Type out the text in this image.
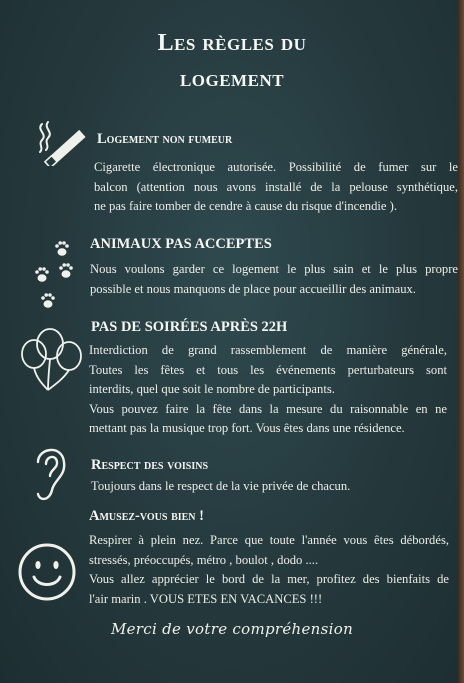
Les règles du
logement
Logement non fumeur
Cigarette électronique autorisée. Possibilité de fumer sur le
balcon (attention nous avons installé de la pelouse synthétique,
ne pas faire tomber de cendre à cause du risque d'incendie ).
ANIMAUX PAS ACCEPTES
Nous voulons garder ce logement le plus sain et le plus propre
possible et nous manquons de place pour accueillir des animaux.
PAS DE SOIRÉES APRÈS 22H
Interdiction de grand rassemblement de manière générale,
Toutes les fêtes et tous les événements perturbateurs sont
interdits, quel que soit le nombre de participants.
Vous pouvez faire la fête dans la mesure du raisonnable en ne
mettant pas la musique trop fort. Vous êtes dans une résidence.
Respect des voisins
Toujours dans le respect de la vie privée de chacun.
Amusez-vous bien !
Respirer à plein nez. Parce que toute l'année vous êtes débordés,
stressés, préoccupés, métro , boulot , dodo ....
Vous allez apprécier le bord de la mer, profitez des bienfaits de
l'air marin . VOUS ETES EN VACANCES !!!
Merci de votre compréhension
